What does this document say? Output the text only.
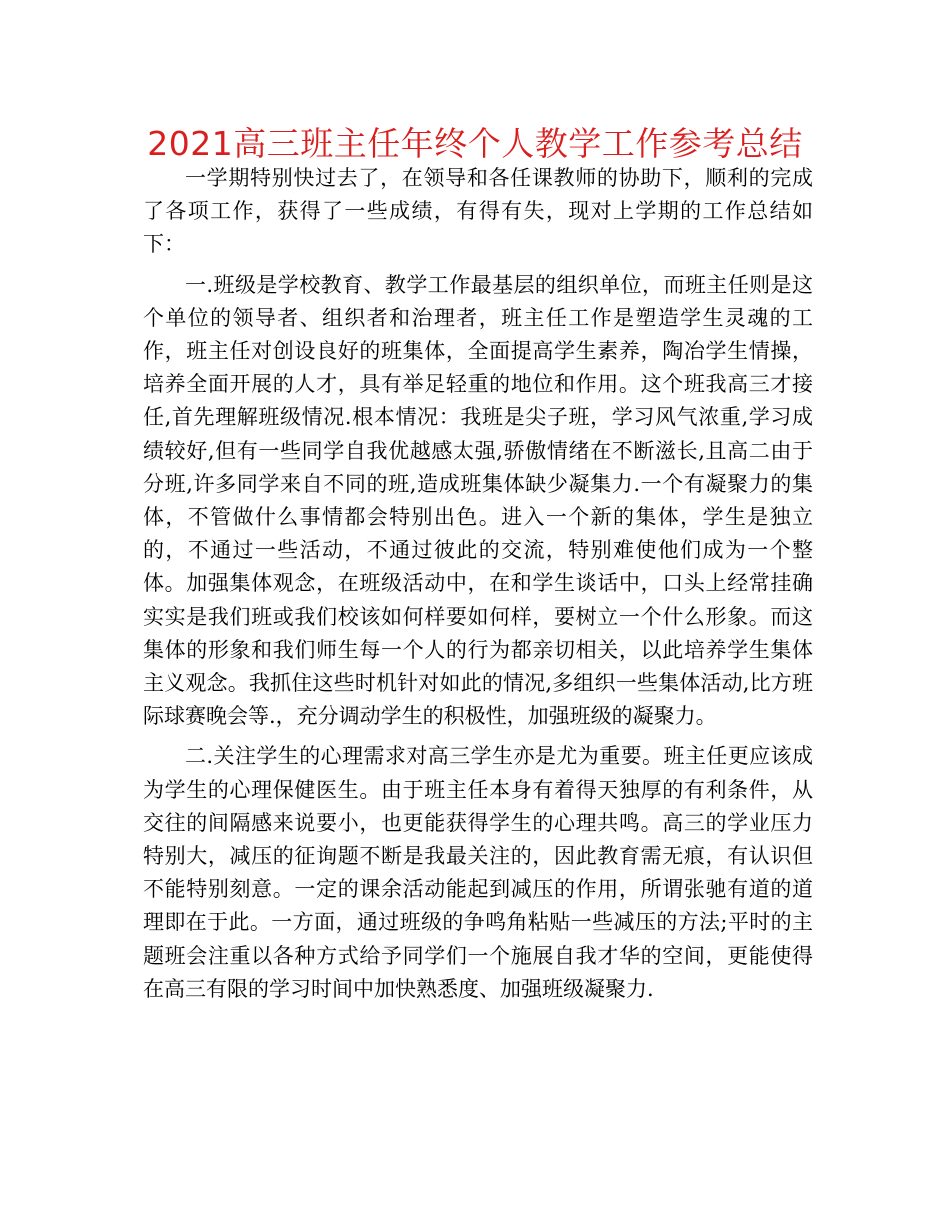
2021高三班主任年终个人教学工作参考总结

一学期特别快过去了，在领导和各任课教师的协助下，顺利的完成了各项工作，获得了一些成绩，有得有失，现对上学期的工作总结如下：

一.班级是学校教育、教学工作最基层的组织单位，而班主任则是这个单位的领导者、组织者和治理者，班主任工作是塑造学生灵魂的工作，班主任对创设良好的班集体，全面提高学生素养，陶冶学生情操，培养全面开展的人才，具有举足轻重的地位和作用。这个班我高三才接任,首先理解班级情况.根本情况：我班是尖子班，学习风气浓重,学习成绩较好,但有一些同学自我优越感太强,骄傲情绪在不断滋长,且高二由于分班,许多同学来自不同的班,造成班集体缺少凝集力.一个有凝聚力的集体，不管做什么事情都会特别出色。进入一个新的集体，学生是独立的，不通过一些活动，不通过彼此的交流，特别难使他们成为一个整体。加强集体观念，在班级活动中，在和学生谈话中，口头上经常挂确实实是我们班或我们校该如何样要如何样，要树立一个什么形象。而这集体的形象和我们师生每一个人的行为都亲切相关，以此培养学生集体主义观念。我抓住这些时机针对如此的情况,多组织一些集体活动,比方班际球赛晚会等.，充分调动学生的积极性，加强班级的凝聚力。

二.关注学生的心理需求对高三学生亦是尤为重要。班主任更应该成为学生的心理保健医生。由于班主任本身有着得天独厚的有利条件，从交往的间隔感来说要小，也更能获得学生的心理共鸣。高三的学业压力特别大，减压的征询题不断是我最关注的，因此教育需无痕，有认识但不能特别刻意。一定的课余活动能起到减压的作用，所谓张驰有道的道理即在于此。一方面，通过班级的争鸣角粘贴一些减压的方法;平时的主题班会注重以各种方式给予同学们一个施展自我才华的空间，更能使得在高三有限的学习时间中加快熟悉度、加强班级凝聚力.
